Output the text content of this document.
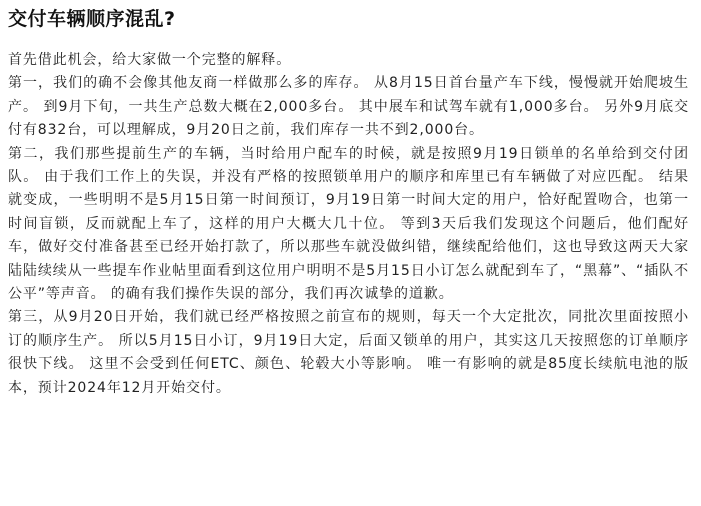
交付车辆顺序混乱?

首先借此机会，给大家做一个完整的解释。

第一，我们的确不会像其他友商一样做那么多的库存。 从8月15日首台量产车下线，慢慢就开始爬坡生产。 到9月下旬，一共生产总数大概在2,000多台。 其中展车和试驾车就有1,000多台。 另外9月底交付有832台，可以理解成，9月20日之前，我们库存一共不到2,000台。

第二，我们那些提前生产的车辆，当时给用户配车的时候，就是按照9月19日锁单的名单给到交付团队。 由于我们工作上的失误，并没有严格的按照锁单用户的顺序和库里已有车辆做了对应匹配。 结果就变成，一些明明不是5月15日第一时间预订，9月19日第一时间大定的用户，恰好配置吻合，也第一时间盲锁，反而就配上车了，这样的用户大概大几十位。 等到3天后我们发现这个问题后，他们配好车，做好交付准备甚至已经开始打款了，所以那些车就没做纠错，继续配给他们，这也导致这两天大家陆陆续续从一些提车作业帖里面看到这位用户明明不是5月15日小订怎么就配到车了，“黑幕”、“插队不公平”等声音。 的确有我们操作失误的部分，我们再次诚挚的道歉。

第三，从9月20日开始，我们就已经严格按照之前宣布的规则，每天一个大定批次，同批次里面按照小订的顺序生产。 所以5月15日小订，9月19日大定，后面又锁单的用户，其实这几天按照您的订单顺序很快下线。 这里不会受到任何ETC、颜色、轮毂大小等影响。 唯一有影响的就是85度长续航电池的版本，预计2024年12月开始交付。
